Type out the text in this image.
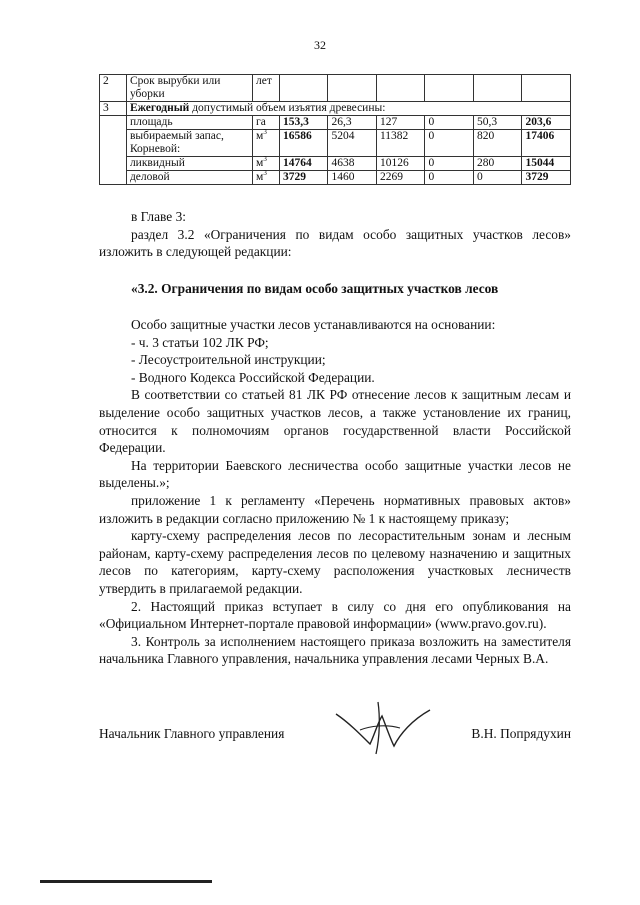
32
2	Срок вырубки или уборки	лет						
3	Ежегодный допустимый объем изъятия древесины:							
	площадь	га	153,3	26,3	127	0	50,3	203,6
	выбираемый запас, Корневой:	$м^3$	16586	5204	11382	0	820	17406
	ликвидный	$м^3$	14764	4638	10126	0	280	15044
	деловой	$м^3$	3729	1460	2269	0	0	3729

в Главе 3:

раздел 3.2 «Ограничения по видам особо защитных участков лесов» изложить в следующей редакции:

«3.2. Ограничения по видам особо защитных участков лесов

Особо защитные участки лесов устанавливаются на основании:

- ч. 3 статьи 102 ЛК РФ;

- Лесоустроительной инструкции;

- Водного Кодекса Российской Федерации.

В соответствии со статьей 81 ЛК РФ отнесение лесов к защитным лесам и выделение особо защитных участков лесов, а также установление их границ, относится к полномочиям органов государственной власти Российской Федерации.

На территории Баевского лесничества особо защитные участки лесов не выделены.»;

приложение 1 к регламенту «Перечень нормативных правовых актов» изложить в редакции согласно приложению № 1 к настоящему приказу;

карту-схему распределения лесов по лесорастительным зонам и лесным районам, карту-схему распределения лесов по целевому назначению и защитных лесов по категориям, карту-схему расположения участковых лесничеств утвердить в прилагаемой редакции.

2. Настоящий приказ вступает в силу со дня его опубликования на «Официальном Интернет-портале правовой информации» (www.pravo.gov.ru).

3. Контроль за исполнением настоящего приказа возложить на заместителя начальника Главного управления, начальника управления лесами Черных В.А.

Начальник Главного управления	В.Н. Попрядухин
